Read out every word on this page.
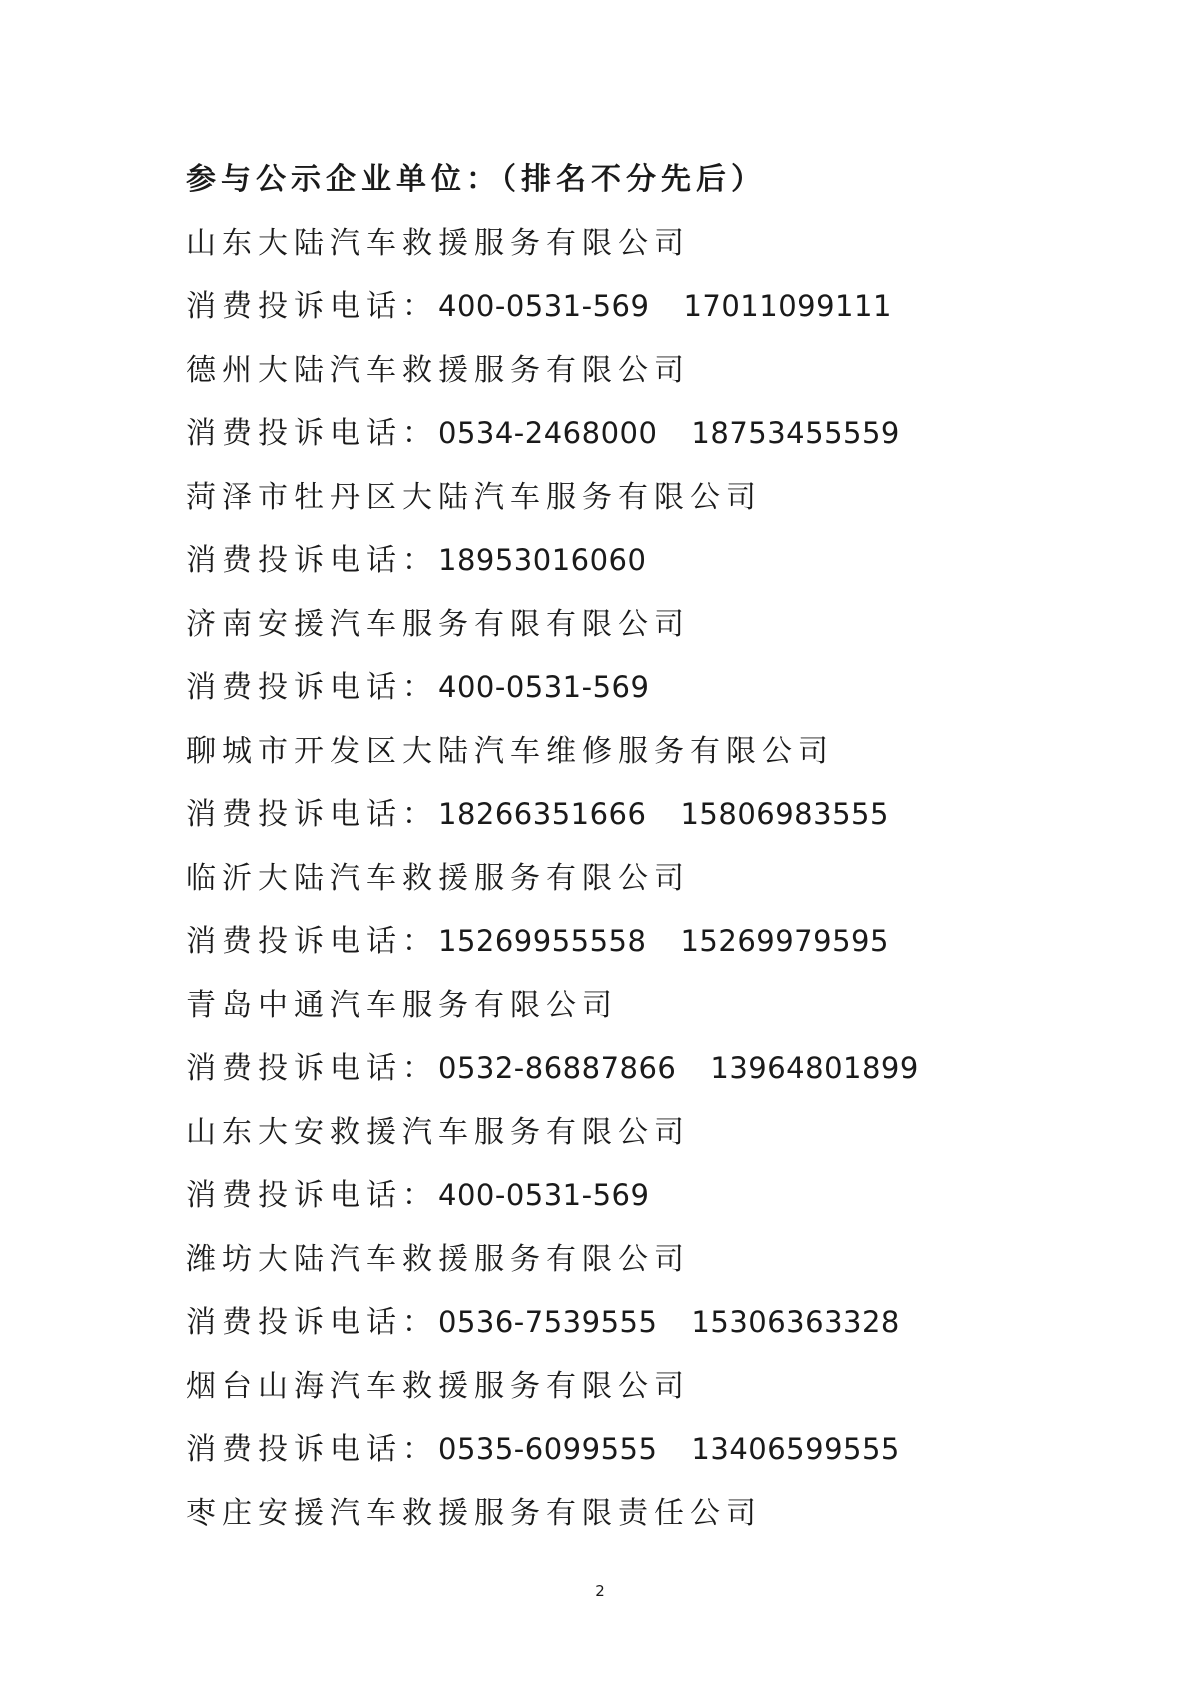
参与公示企业单位：（排名不分先后）
山东大陆汽车救援服务有限公司
消费投诉电话：400-0531-569 17011099111
德州大陆汽车救援服务有限公司
消费投诉电话：0534-2468000 18753455559
菏泽市牡丹区大陆汽车服务有限公司
消费投诉电话：18953016060
济南安援汽车服务有限有限公司
消费投诉电话：400-0531-569
聊城市开发区大陆汽车维修服务有限公司
消费投诉电话：18266351666 15806983555
临沂大陆汽车救援服务有限公司
消费投诉电话：15269955558 15269979595
青岛中通汽车服务有限公司
消费投诉电话：0532-86887866 13964801899
山东大安救援汽车服务有限公司
消费投诉电话：400-0531-569
潍坊大陆汽车救援服务有限公司
消费投诉电话：0536-7539555 15306363328
烟台山海汽车救援服务有限公司
消费投诉电话：0535-6099555 13406599555
枣庄安援汽车救援服务有限责任公司
2
